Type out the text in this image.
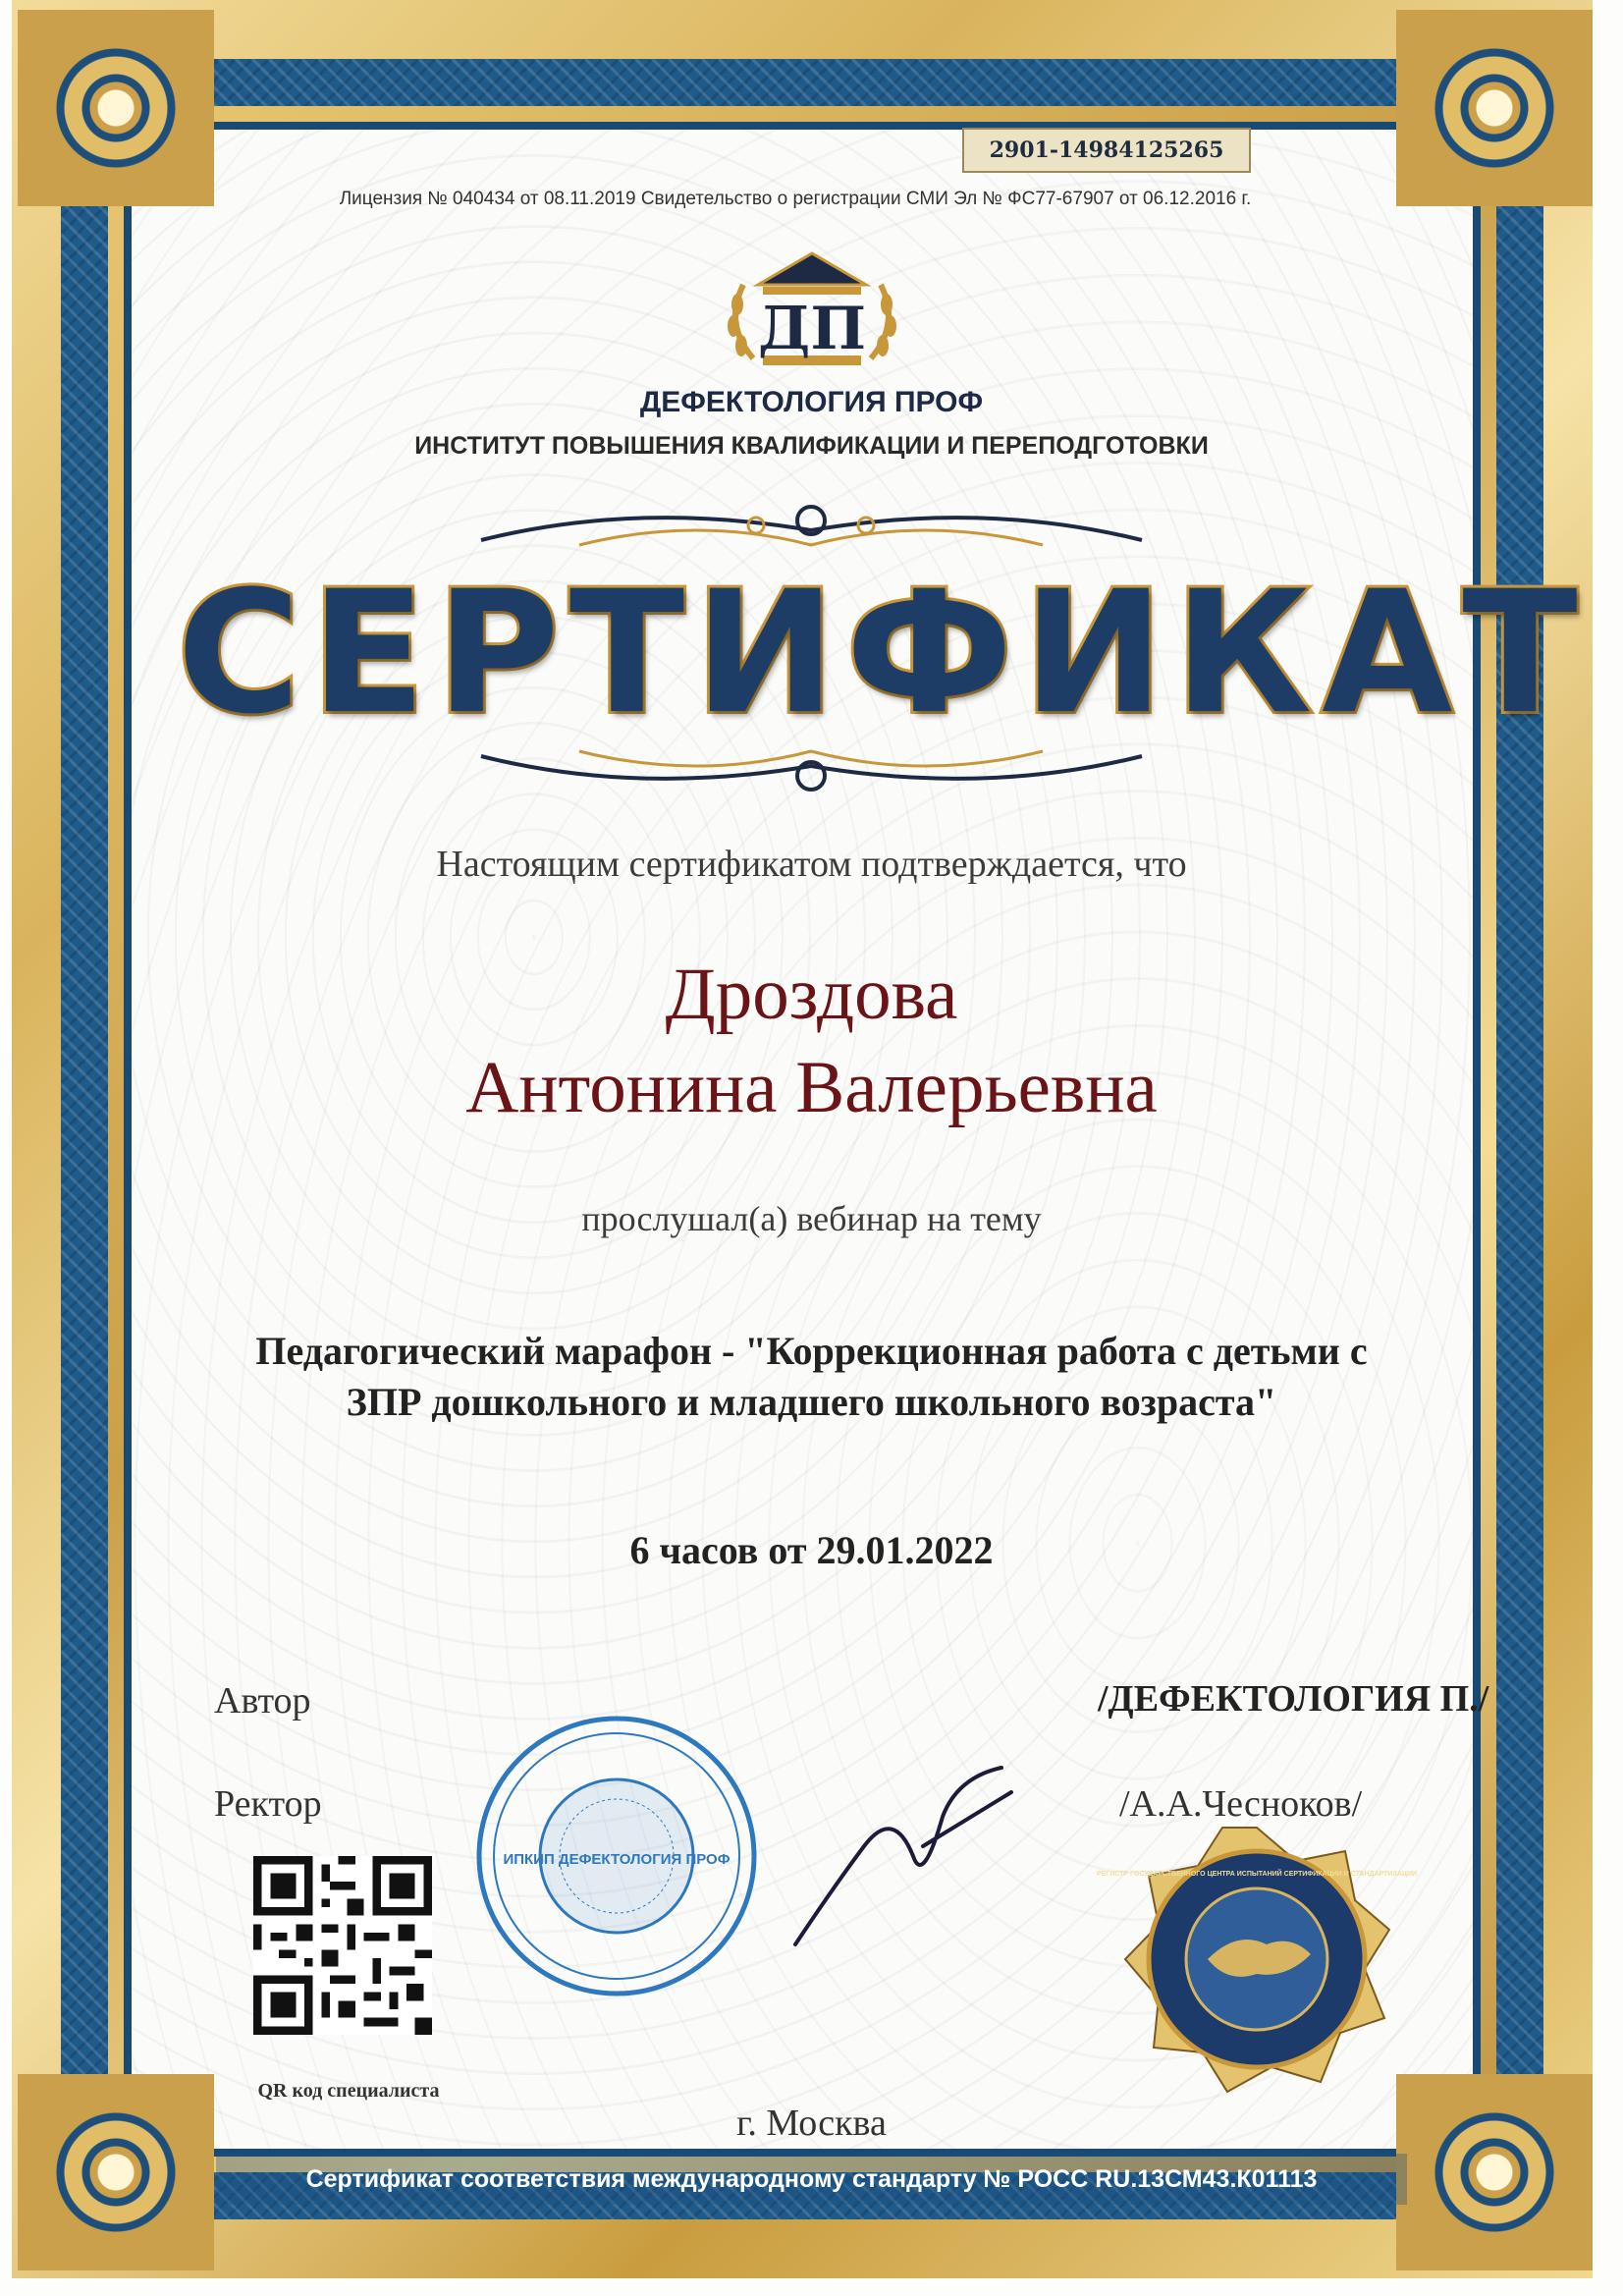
2901-14984125265
Лицензия № 040434 от 08.11.2019 Свидетельство о регистрации СМИ Эл № ФС77-67907 от 06.12.2016 г.
ДП
ДЕФЕКТОЛОГИЯ ПРОФ
ИНСТИТУТ ПОВЫШЕНИЯ КВАЛИФИКАЦИИ И ПЕРЕПОДГОТОВКИ
СЕРТИФИКАТ
Настоящим сертификатом подтверждается, что
Дроздова
Антонина Валерьевна
прослушал(а) вебинар на тему
Педагогический марафон - "Коррекционная работа с детьми с
ЗПР дошкольного и младшего школьного возраста"
6 часов от 29.01.2022
Автор
Ректор
/ДЕФЕКТОЛОГИЯ П./
/А.А.Чесноков/
QR код специалиста
ИПКИП ДЕФЕКТОЛОГИЯ ПРОФ
РЕГИСТР ГОСУДАРСТВЕННОГО ЦЕНТРА ИСПЫТАНИЙ СЕРТИФИКАЦИИ И СТАНДАРТИЗАЦИИ
г. Москва
Сертификат соответствия международному стандарту № РОСС RU.13СМ43.К01113
